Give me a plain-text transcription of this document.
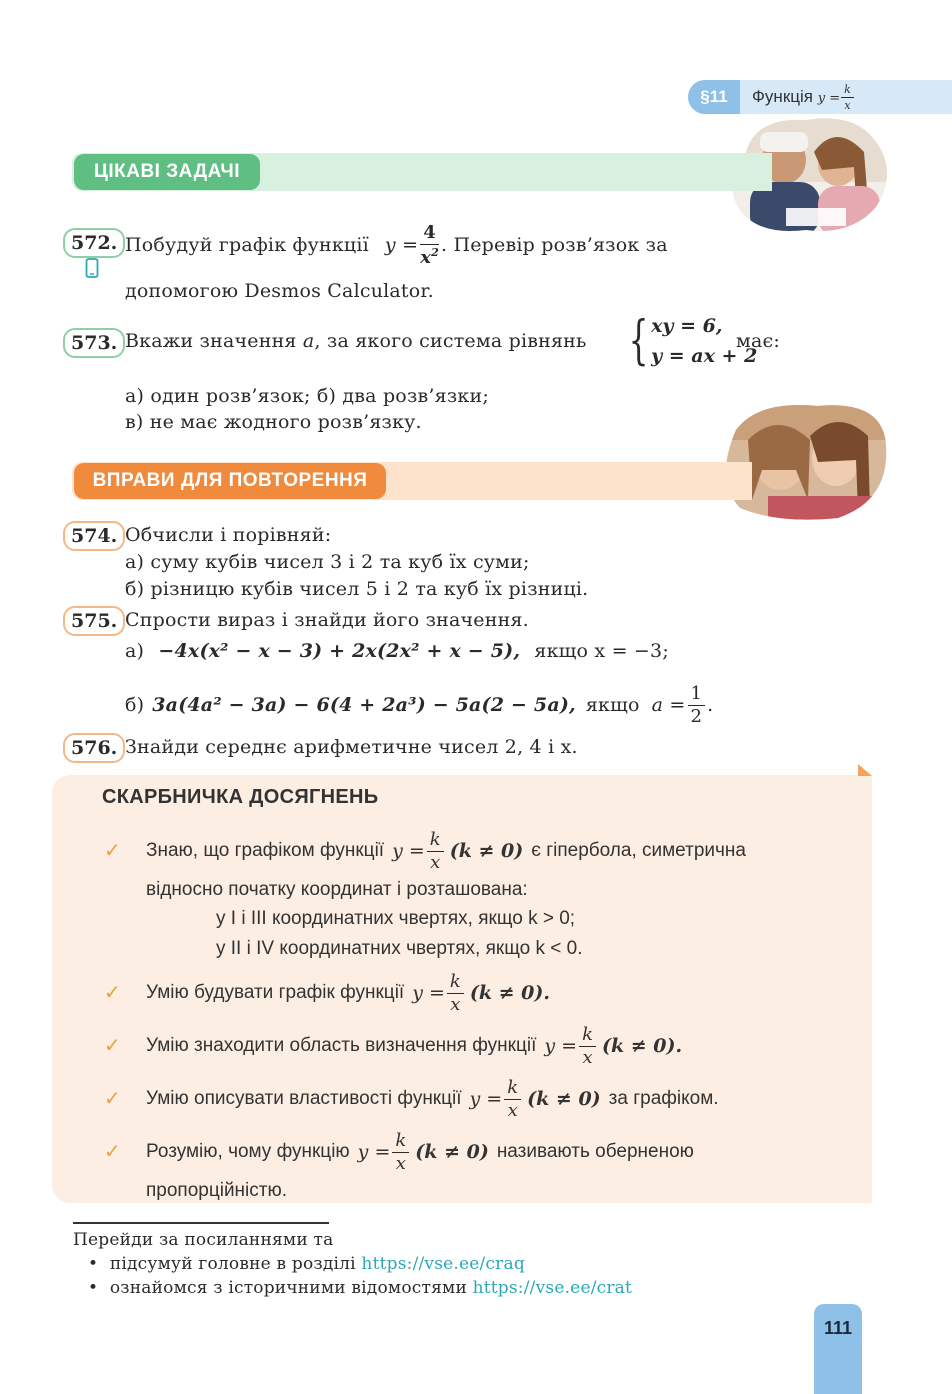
§11	Функція $y = \frac{k}{x}$
ЦІКАВІ ЗАДАЧІ
572. Побудуй графік функції $y = \frac{4}{x^2}$ . Перевір розв’язок за
допомогою Desmos Calculator.
573. Вкажи значення a, за якого система рівнянь { xy = 6,
y = ax + 2
має:
а) один розв’язок; б) два розв’язки;
в) не має жодного розв’язку.
ВПРАВИ ДЛЯ ПОВТОРЕННЯ
574. Обчисли і порівняй:
а) суму кубів чисел 3 і 2 та куб їх суми;
б) різницю кубів чисел 5 і 2 та куб їх різниці.
575. Спрости вираз і знайди його значення.
а) −4x(x² − x − 3) + 2x(2x² + x − 5), якщо x = −3;
б) 3a(4a² − 3a) − 6(4 + 2a³) − 5a(2 − 5a), якщо $a = \frac{1}{2}$ .
576. Знайди середнє арифметичне чисел 2, 4 і x.
СКАРБНИЧКА ДОСЯГНЕНЬ
✓ Знаю, що графіком функції $y = \frac{k}{x} (k \ne 0)$ є гіпербола, симетрична
відносно початку координат і розташована:
у І і ІІІ координатних чвертях, якщо k > 0;
у ІІ і ІV координатних чвертях, якщо k < 0.
✓ Умію будувати графік функції $y = \frac{k}{x} (k \ne 0)$.
✓ Умію знаходити область визначення функції $y = \frac{k}{x} (k \ne 0)$.
✓ Умію описувати властивості функції $y = \frac{k}{x} (k \ne 0)$ за графіком.
✓ Розумію, чому функцію $y = \frac{k}{x} (k \ne 0)$ називають оберненою
пропорційністю.
Перейди за посиланнями та
• підсумуй головне в розділі https://vse.ee/craq
• ознайомся з історичними відомостями https://vse.ee/crat
111
